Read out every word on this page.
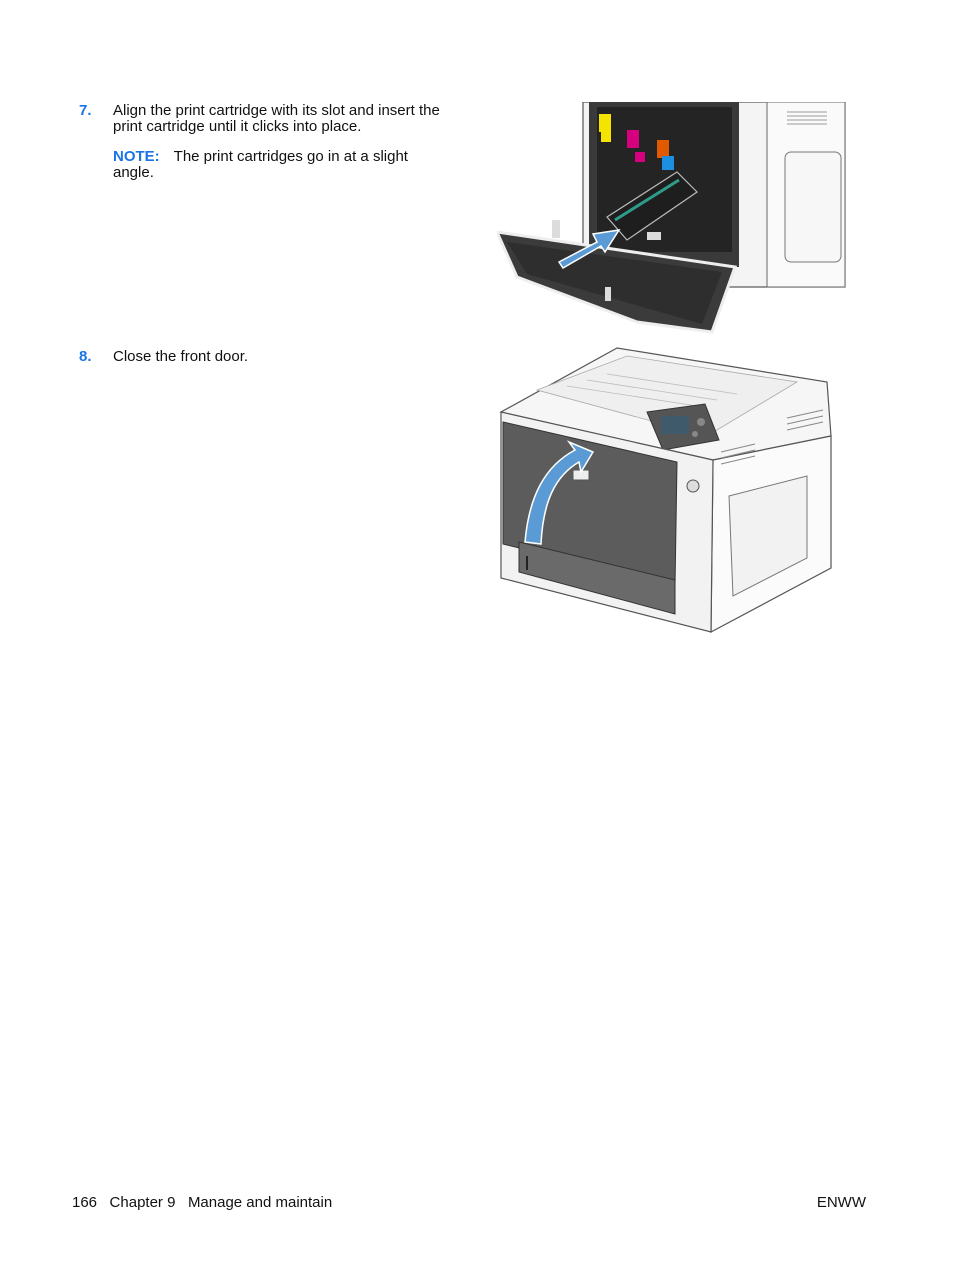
7. Align the print cartridge with its slot and insert the print cartridge until it clicks into place.
NOTE: The print cartridges go in at a slight angle.
8. Close the front door.
166 Chapter 9 Manage and maintain	ENWW
